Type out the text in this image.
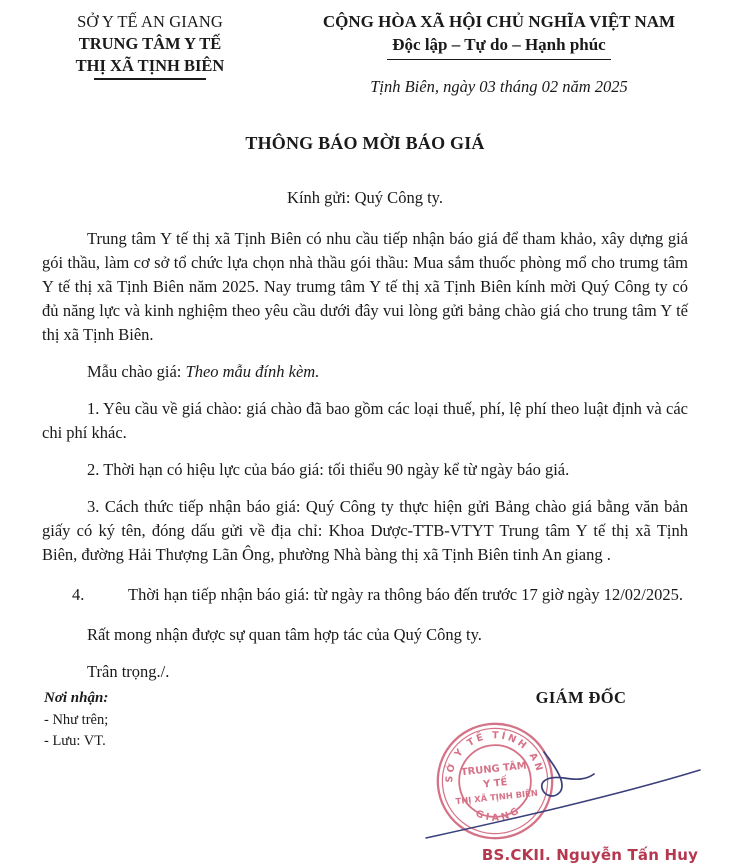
SỞ Y TẾ AN GIANG
TRUNG TÂM Y TẾ
THỊ XÃ TỊNH BIÊN
CỘNG HÒA XÃ HỘI CHỦ NGHĨA VIỆT NAM
Độc lập – Tự do – Hạnh phúc
Tịnh Biên, ngày 03 tháng 02 năm 2025
THÔNG BÁO MỜI BÁO GIÁ
Kính gửi: Quý Công ty.

Trung tâm Y tế thị xã Tịnh Biên có nhu cầu tiếp nhận báo giá để tham khảo, xây dựng giá gói thầu, làm cơ sở tổ chức lựa chọn nhà thầu gói thầu: Mua sắm thuốc phòng mổ cho trumg tâm Y tế thị xã Tịnh Biên năm 2025. Nay trumg tâm Y tế thị xã Tịnh Biên kính mời Quý Công ty có đủ năng lực và kinh nghiệm theo yêu cầu dưới đây vui lòng gửi bảng chào giá cho trung tâm Y tế thị xã Tịnh Biên.

Mẫu chào giá: Theo mẫu đính kèm.

1. Yêu cầu về giá chào: giá chào đã bao gồm các loại thuế, phí, lệ phí theo luật định và các chi phí khác.

2. Thời hạn có hiệu lực của báo giá: tối thiểu 90 ngày kể từ ngày báo giá.

3. Cách thức tiếp nhận báo giá: Quý Công ty thực hiện gửi Bảng chào giá bằng văn bản giấy có ký tên, đóng dấu gửi về địa chỉ: Khoa Dược-TTB-VTYT Trung tâm Y tế thị xã Tịnh Biên, đường Hải Thượng Lãn Ông, phường Nhà bàng thị xã Tịnh Biên tinh An giang .

4.	Thời hạn tiếp nhận báo giá: từ ngày ra thông báo đến trước 17 giờ ngày 12/02/2025.

Rất mong nhận được sự quan tâm hợp tác của Quý Công ty.

Trân trọng./.

Nơi nhận:
- Như trên;
- Lưu: VT.
GIÁM ĐỐC
SỞ Y TẾ TỈNH AN
GIANG
TRUNG TÂM
Y TẾ
THỊ XÃ TỊNH BIÊN
BS.CKII. Nguyễn Tấn Huy
